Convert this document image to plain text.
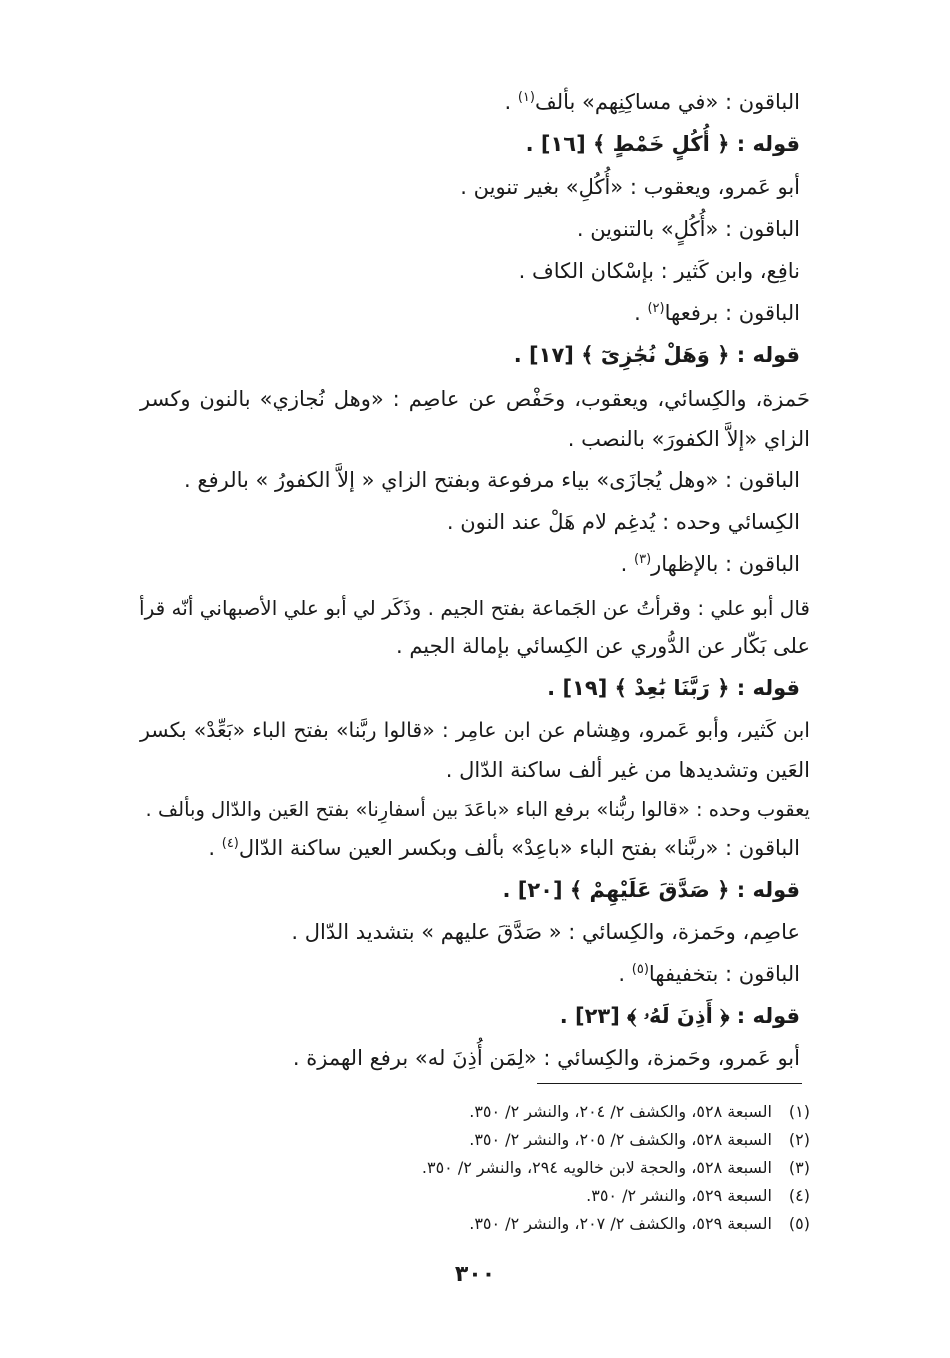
الباقون : «في مساكِنِهم» بألف$^{(١)}$ .
قوله : ﴿ أُكُلٍ خَمْطٍ ﴾ [١٦] .
أبو عَمرو، ويعقوب : «أُكُلِ» بغير تنوين .
الباقون : «أُكُلٍ» بالتنوين .
نافِع، وابن كَثير : بإسْكان الكاف .
الباقون : برفعها$^{(٢)}$ .
قوله : ﴿ وَهَلْ نُجَٰزِىٓ ﴾ [١٧] .
حَمزة، والكِسائي، ويعقوب، وحَفْص عن عاصِم : «وهل نُجازي» بالنون وكسر
الزاي «إلاَّ الكفورَ» بالنصب .
الباقون : «وهل يُجازَى» بياء مرفوعة وبفتح الزاي « إلاَّ الكفورُ » بالرفع .
الكِسائي وحده : يُدغِم لام هَلْ عند النون .
الباقون : بالإظهار$^{(٣)}$ .
قال أبو علي : وقرأتُ عن الجَماعة بفتح الجيم . وذَكَر لي أبو علي الأصبهاني أنّه قرأ
على بَكّار عن الدُّوري عن الكِسائي بإمالة الجيم .
قوله : ﴿ رَبَّنَا بَٰعِدْ ﴾ [١٩] .
ابن كَثير، وأبو عَمرو، وهِشام عن ابن عامِر : «قالوا ربَّنا» بفتح الباء «بَعِّدْ» بكسر
العَين وتشديدها من غير ألف ساكنة الدّال .
يعقوب وحده : «قالوا ربُّنا» برفع الباء «باعَدَ بين أسفارِنا» بفتح العَين والدّال وبألف .
الباقون : «ربَّنا» بفتح الباء «باعِدْ» بألف وبكسر العين ساكنة الدّال$^{(٤)}$ .
قوله : ﴿ صَدَّقَ عَلَيْهِمْ ﴾ [٢٠] .
عاصِم، وحَمزة، والكِسائي : « صَدَّقَ عليهم » بتشديد الدّال .
الباقون : بتخفيفها$^{(٥)}$ .
قوله : ﴿ أَذِنَ لَهُۥ ﴾ [٢٣] .
أبو عَمرو، وحَمزة، والكِسائي : «لِمَن أُذِنَ له» برفع الهمزة .
(١)السبعة ٥٢٨، والكشف ٢/ ٢٠٤، والنشر ٢/ ٣٥٠.
(٢)السبعة ٥٢٨، والكشف ٢/ ٢٠٥، والنشر ٢/ ٣٥٠.
(٣)السبعة ٥٢٨، والحجة لابن خالويه ٢٩٤، والنشر ٢/ ٣٥٠.
(٤)السبعة ٥٢٩، والنشر ٢/ ٣٥٠.
(٥)السبعة ٥٢٩، والكشف ٢/ ٢٠٧، والنشر ٢/ ٣٥٠.
٣٠٠
